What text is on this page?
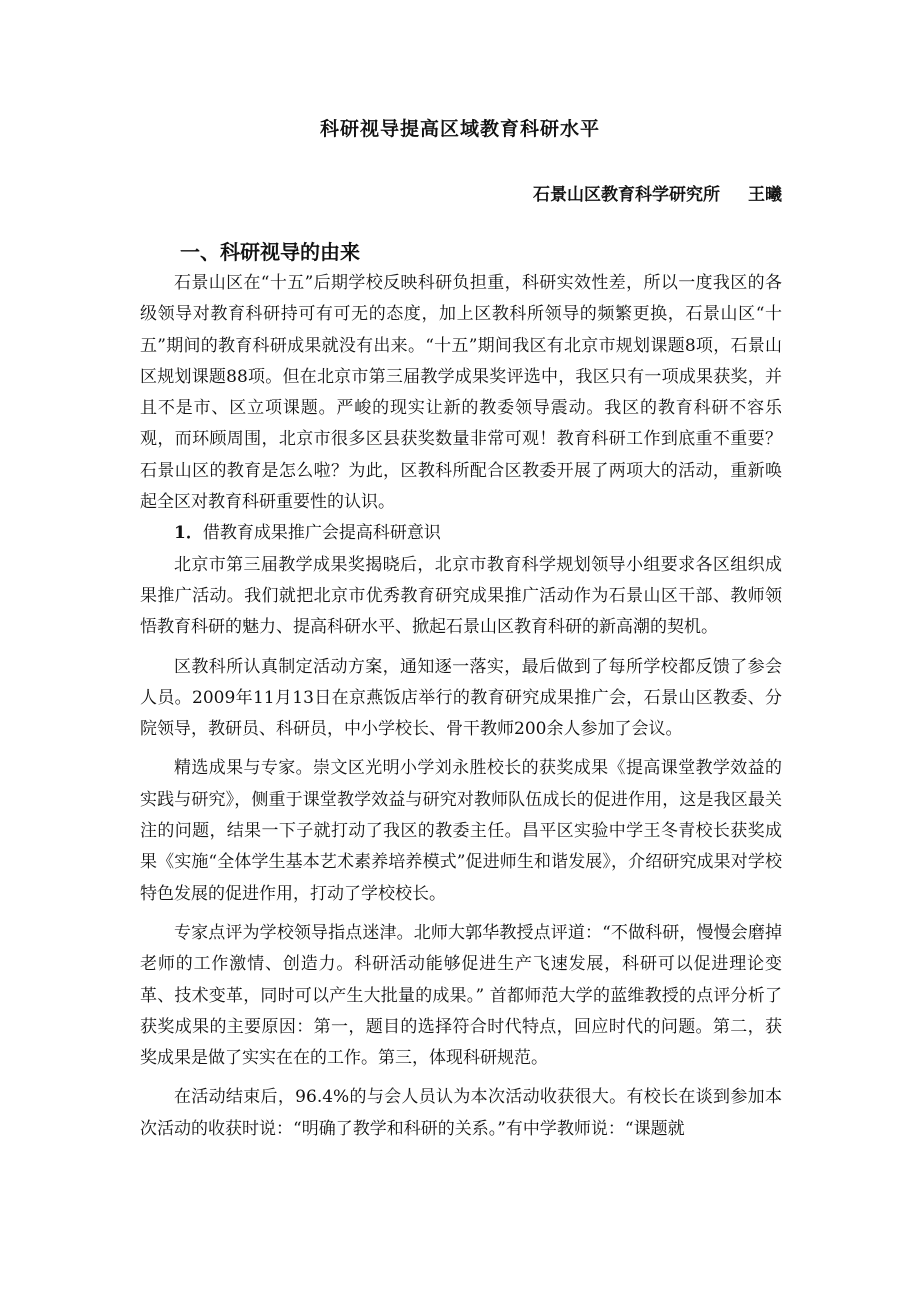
科研视导提高区域教育科研水平
石景山区教育科学研究所 王曦
一、科研视导的由来

石景山区在“十五”后期学校反映科研负担重，科研实效性差，所以一度我区的各级领导对教育科研持可有可无的态度，加上区教科所领导的频繁更换，石景山区“十五”期间的教育科研成果就没有出来。“十五”期间我区有北京市规划课题8项，石景山区规划课题88项。但在北京市第三届教学成果奖评选中，我区只有一项成果获奖，并且不是市、区立项课题。严峻的现实让新的教委领导震动。我区的教育科研不容乐观，而环顾周围，北京市很多区县获奖数量非常可观！教育科研工作到底重不重要？石景山区的教育是怎么啦？为此，区教科所配合区教委开展了两项大的活动，重新唤起全区对教育科研重要性的认识。

1．借教育成果推广会提高科研意识

北京市第三届教学成果奖揭晓后，北京市教育科学规划领导小组要求各区组织成果推广活动。我们就把北京市优秀教育研究成果推广活动作为石景山区干部、教师领悟教育科研的魅力、提高科研水平、掀起石景山区教育科研的新高潮的契机。

区教科所认真制定活动方案，通知逐一落实，最后做到了每所学校都反馈了参会人员。2009年11月13日在京燕饭店举行的教育研究成果推广会，石景山区教委、分院领导，教研员、科研员，中小学校长、骨干教师200余人参加了会议。

精选成果与专家。崇文区光明小学刘永胜校长的获奖成果《提高课堂教学效益的实践与研究》，侧重于课堂教学效益与研究对教师队伍成长的促进作用，这是我区最关注的问题，结果一下子就打动了我区的教委主任。昌平区实验中学王冬青校长获奖成果《实施“全体学生基本艺术素养培养模式”促进师生和谐发展》，介绍研究成果对学校特色发展的促进作用，打动了学校校长。

专家点评为学校领导指点迷津。北师大郭华教授点评道：“不做科研，慢慢会磨掉老师的工作激情、创造力。科研活动能够促进生产飞速发展，科研可以促进理论变革、技术变革，同时可以产生大批量的成果。” 首都师范大学的蓝维教授的点评分析了获奖成果的主要原因：第一，题目的选择符合时代特点，回应时代的问题。第二，获奖成果是做了实实在在的工作。第三，体现科研规范。

在活动结束后，96.4%的与会人员认为本次活动收获很大。有校长在谈到参加本次活动的收获时说：“明确了教学和科研的关系。”有中学教师说：“课题就
